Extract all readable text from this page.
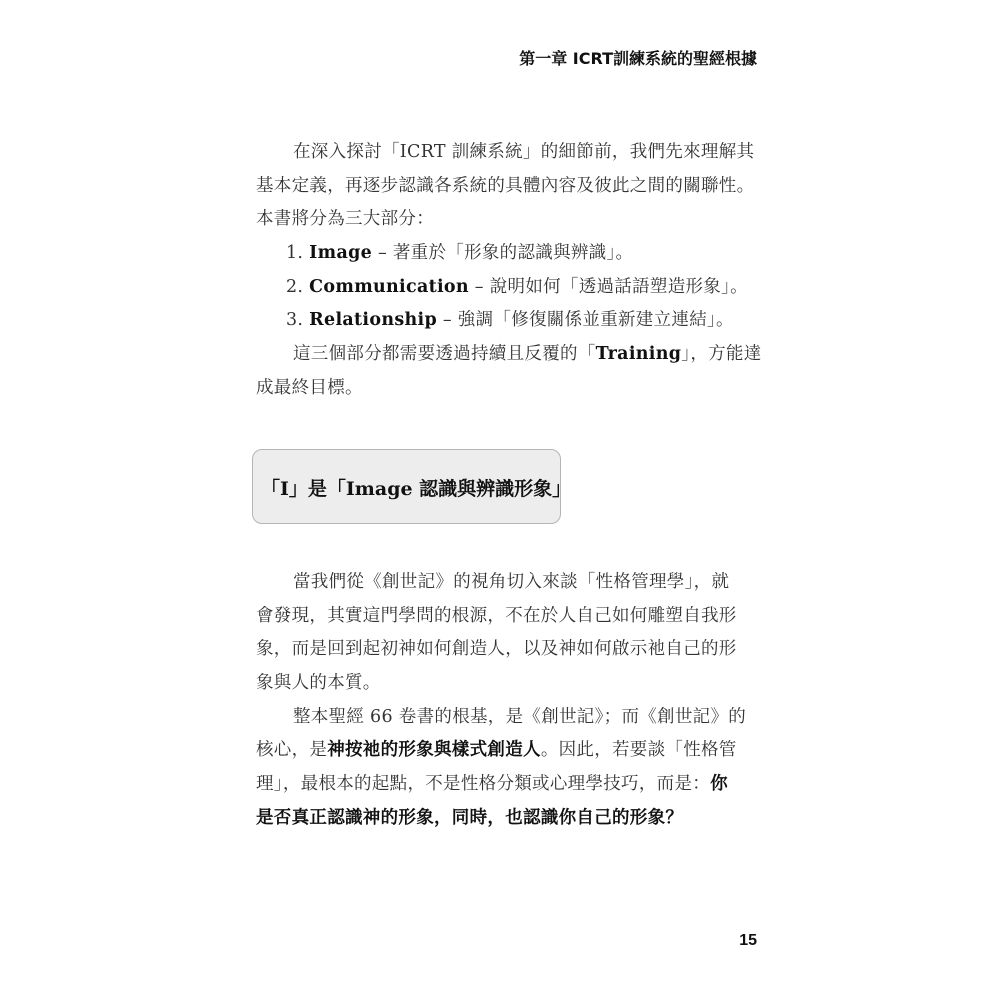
第一章 ICRT訓練系統的聖經根據
在深入探討「ICRT 訓練系統」的細節前，我們先來理解其
基本定義，再逐步認識各系統的具體內容及彼此之間的關聯性。
本書將分為三大部分：
1. Image – 著重於「形象的認識與辨識」。
2. Communication – 說明如何「透過話語塑造形象」。
3. Relationship – 強調「修復關係並重新建立連結」。
這三個部分都需要透過持續且反覆的「Training」，方能達
成最終目標。
「I」是「Image 認識與辨識形象」
當我們從《創世記》的視角切入來談「性格管理學」，就
會發現，其實這門學問的根源，不在於人自己如何雕塑自我形
象，而是回到起初神如何創造人，以及神如何啟示祂自己的形
象與人的本質。
整本聖經 66 卷書的根基，是《創世記》；而《創世記》的
核心，是神按祂的形象與樣式創造人。因此，若要談「性格管
理」，最根本的起點，不是性格分類或心理學技巧，而是：你
是否真正認識神的形象，同時，也認識你自己的形象？
15
